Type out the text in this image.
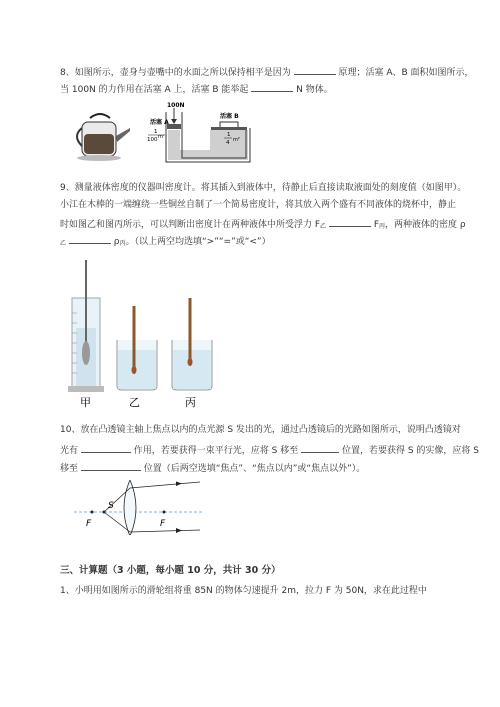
8、如图所示，壶身与壶嘴中的水面之所以保持相平是因为	原理；活塞 A、B 面积如图所示，
当 100N 的力作用在活塞 A 上，活塞 B 能举起	N 物体。
100N
活塞 A
活塞 B
1
100 m²	1
4 m²
9、测量液体密度的仪器叫密度计。将其插入到液体中，待静止后直接读取液面处的刻度值（如图甲）。
小江在木棒的一端缠绕一些铜丝自制了一个简易密度计，将其放入两个盛有不同液体的烧杯中，静止
时如图乙和图丙所示，可以判断出密度计在两种液体中所受浮力 F乙	F丙，两种液体的密度 ρ
乙	ρ丙。（以上两空均选填“>”“=”或“<”）
甲	乙	丙
10、放在凸透镜主轴上焦点以内的点光源 S 发出的光，通过凸透镜后的光路如图所示，说明凸透镜对
光有	作用，若要获得一束平行光，应将 S 移至	位置，若要获得 S 的实像，应将 S
移至	位置（后两空选填“焦点”、“焦点以内”或“焦点以外”）。
S
F	F
三、计算题（3 小题，每小题 10 分，共计 30 分）
1、小明用如图所示的滑轮组将重 85N 的物体匀速提升 2m，拉力 F 为 50N，求在此过程中
